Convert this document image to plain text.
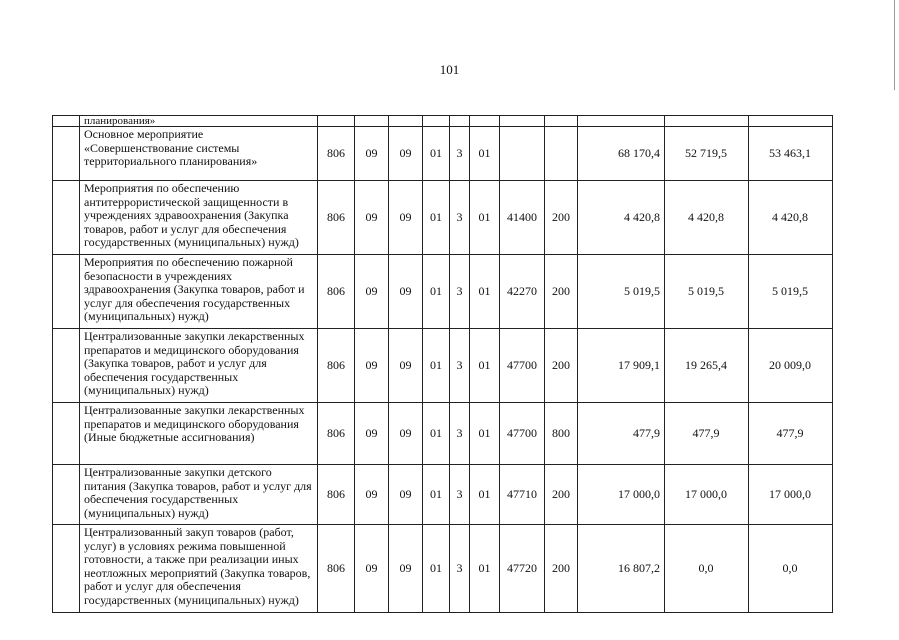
101
	планирования»											
	Основное мероприятие «Совершенствование системы территориального планирования»	806	09	09	01	3	01			68 170,4	52 719,5	53 463,1
	Мероприятия по обеспечению антитеррористической защищенности в учреждениях здравоохранения (Закупка товаров, работ и услуг для обеспечения государственных (муниципальных) нужд)	806	09	09	01	3	01	41400	200	4 420,8	4 420,8	4 420,8
	Мероприятия по обеспечению пожарной безопасности в учреждениях здравоохранения (Закупка товаров, работ и услуг для обеспечения государственных (муниципальных) нужд)	806	09	09	01	3	01	42270	200	5 019,5	5 019,5	5 019,5
	Централизованные закупки лекарственных препаратов и медицинского оборудования (Закупка товаров, работ и услуг для обеспечения государственных (муниципальных) нужд)	806	09	09	01	3	01	47700	200	17 909,1	19 265,4	20 009,0
	Централизованные закупки лекарственных препаратов и медицинского оборудования (Иные бюджетные ассигнования)	806	09	09	01	3	01	47700	800	477,9	477,9	477,9
	Централизованные закупки детского питания (Закупка товаров, работ и услуг для обеспечения государственных (муниципальных) нужд)	806	09	09	01	3	01	47710	200	17 000,0	17 000,0	17 000,0
	Централизованный закуп товаров (работ, услуг) в условиях режима повышенной готовности, а также при реализации иных неотложных мероприятий (Закупка товаров, работ и услуг для обеспечения государственных (муниципальных) нужд)	806	09	09	01	3	01	47720	200	16 807,2	0,0	0,0
